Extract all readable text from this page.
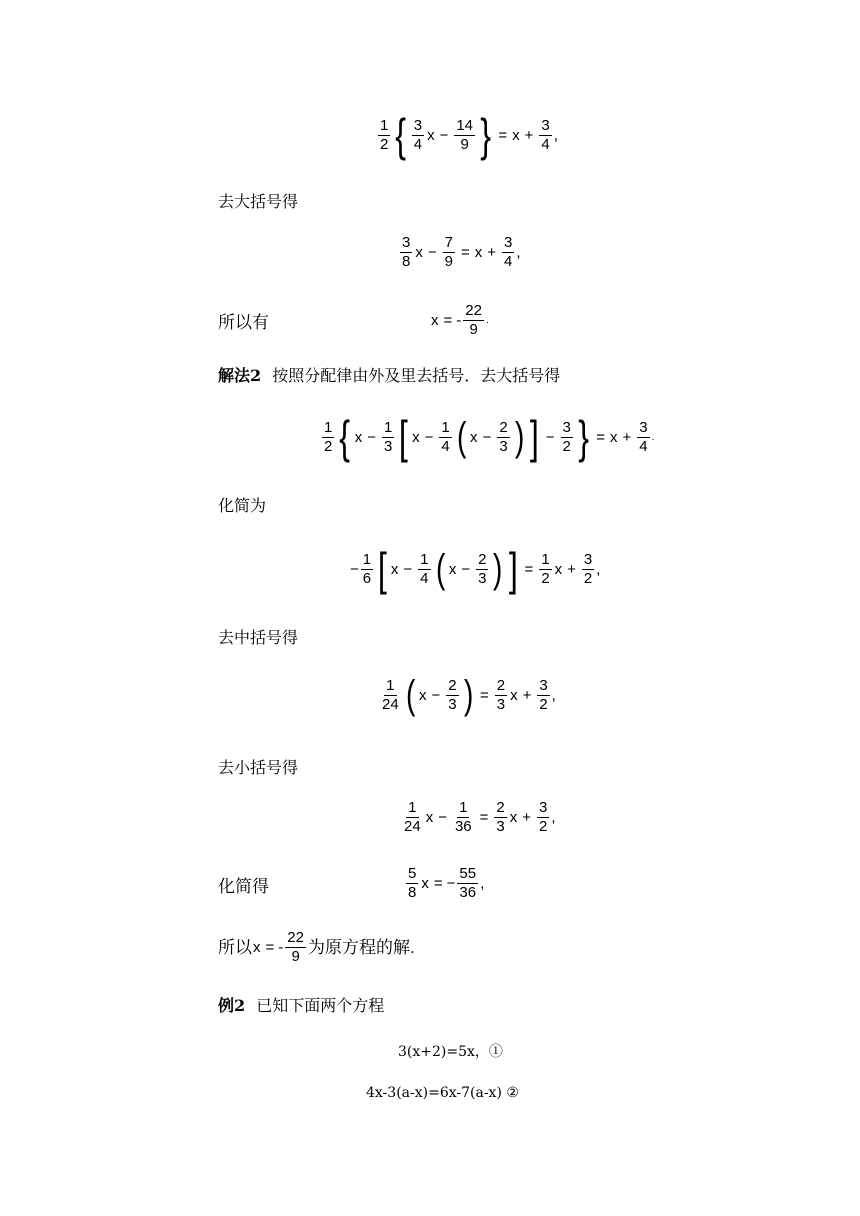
$\frac{1}{2}$ { $\frac{3}{4}$ $x - \frac{14}{9}$ } = $x + \frac{3}{4}$ ,
去大括号得
$\frac{3}{8}$ $x - \frac{7}{9} = x + \frac{3}{4}$ ,
所以有	x = - $\frac{22}{9}$ .
解法2 按照分配律由外及里去括号．去大括号得
$\frac{1}{2}$ { $x - \frac{1}{3}$ [ $x - \frac{1}{4}$ ( $x - \frac{2}{3}$ ) ] − $\frac{3}{2}$ } = $x + \frac{3}{4}$ .
化简为
− $\frac{1}{6}$ [ $x - \frac{1}{4}$ ( $x - \frac{2}{3}$ ) ] = $\frac{1}{2}$ $x + \frac{3}{2}$ ,
去中括号得
$\frac{1}{24}$ ( $x - \frac{2}{3}$ ) = $\frac{2}{3}$ $x + \frac{3}{2}$ ,
去小括号得
$\frac{1}{24}$ $x - \frac{1}{36} = \frac{2}{3}$ $x + \frac{3}{2}$ ,
化简得	$\frac{5}{8}$ x = − $\frac{55}{36}$ ,
所以 x = - $\frac{22}{9}$ 为原方程的解.
例2 已知下面两个方程
3(x+2)=5x，①
4x-3(a-x)=6x-7(a-x) ②
